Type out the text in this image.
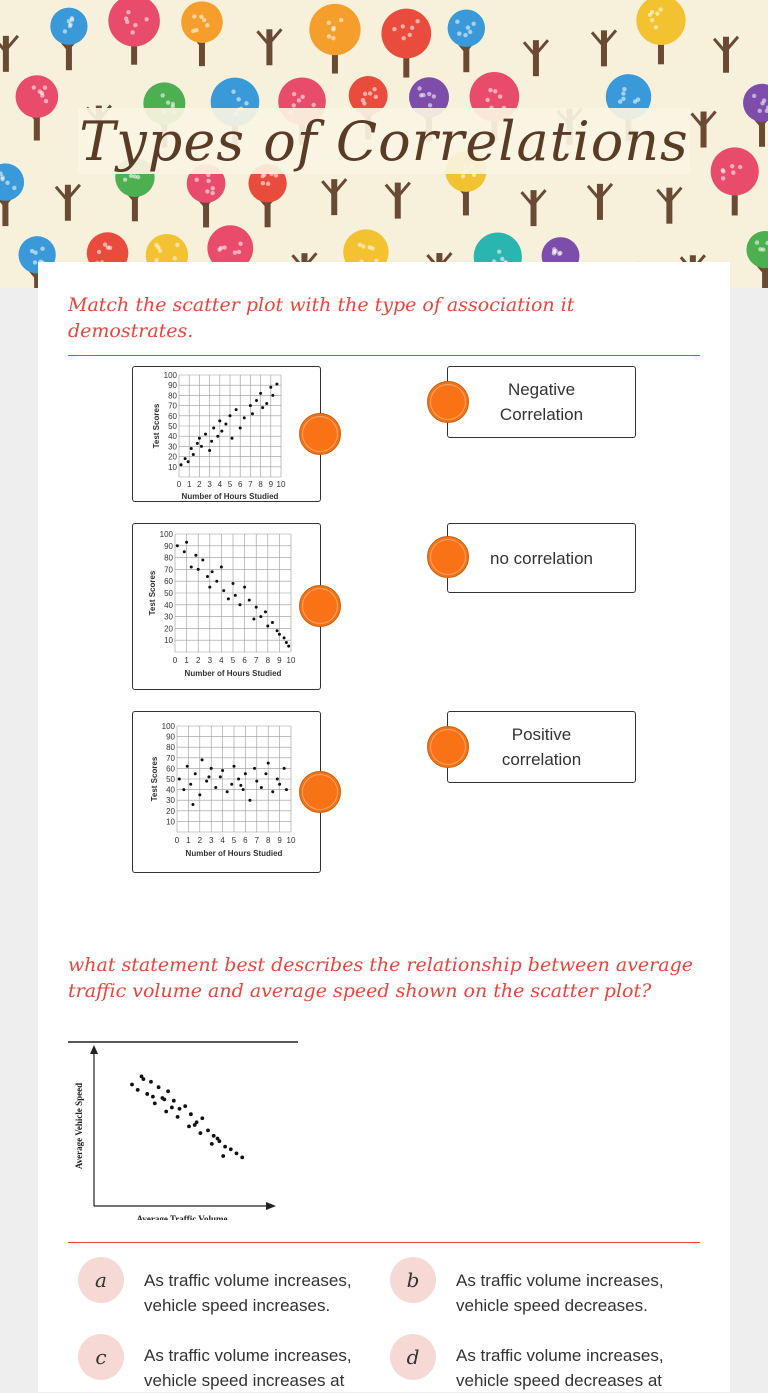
Types of Correlations
Match the scatter plot with the type of association it demostrates.
100
90
80
70
60
50
40
30
20
10
0 1 2 3 4 5 6 7 8 9 10
Number of Hours Studied
Test Scores
100
90
80
70
60
50
40
30
20
10
0 1 2 3 4 5 6 7 8 9 10
Number of Hours Studied
Test Scores
100
90
80
70
60
50
40
30
20
10
0 1 2 3 4 5 6 7 8 9 10
Number of Hours Studied
Test Scores
Negative Correlation
no correlation
Positive correlation
what statement best describes the relationship between average traffic volume and average speed shown on the scatter plot?
Average Traffic Volume
Average Vehicle Speed
a As traffic volume increases, vehicle speed increases.
b As traffic volume increases, vehicle speed decreases.
c As traffic volume increases, vehicle speed increases at
d As traffic volume increases, vehicle speed decreases at
